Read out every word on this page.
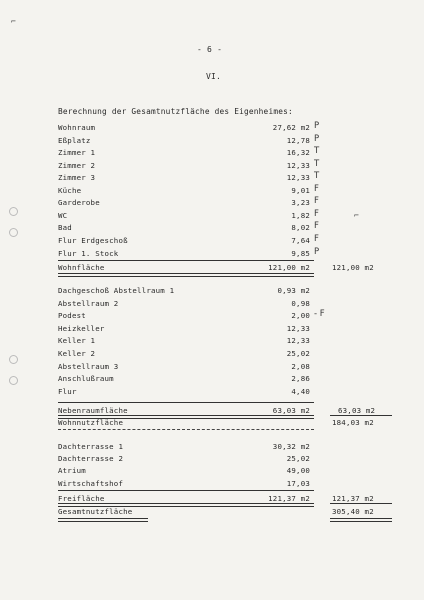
⌐
- 6 -
VI.
Berechnung der Gesamtnutzfläche des Eigenheimes:
Wohnraum	27,62 m2 P
Eßplatz	12,78 P
Zimmer 1	16,32 T
Zimmer 2	12,33 T
Zimmer 3	12,33 T
Küche	9,01 F
Garderobe	3,23 F
WC	1,82 F
Bad	8,02 F
Flur Erdgeschoß	7,64 F
Flur 1. Stock	9,85 P
Wohnfläche	121,00 m2	121,00 m2
⌐
Dachgeschoß Abstellraum 1	0,93 m2
Abstellraum 2	0,98
Podest	2,00 - F
Heizkeller	12,33
Keller 1	12,33
Keller 2	25,02
Abstellraum 3	2,08
Anschlußraum	2,86
Flur	4,40
Nebenraumfläche	63,03 m2	63,03 m2
Wohnnutzfläche	184,03 m2
Dachterrasse 1	30,32 m2
Dachterrasse 2	25,02
Atrium	49,00
Wirtschaftshof	17,03
Freifläche	121,37 m2	121,37 m2
Gesamtnutzfläche	305,40 m2
